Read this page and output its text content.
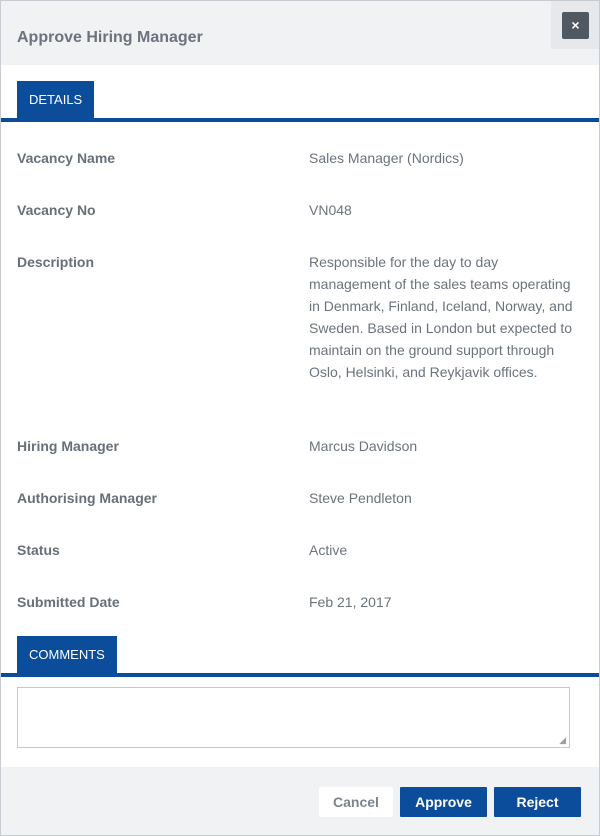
Approve Hiring Manager
×
DETAILS
Vacancy Name	Sales Manager (Nordics)
Vacancy No	VN048
Description	Responsible for the day to day management of the sales teams operating in Denmark, Finland, Iceland, Norway, and Sweden. Based in London but expected to maintain on the ground support through Oslo, Helsinki, and Reykjavik offices.
Hiring Manager	Marcus Davidson
Authorising Manager	Steve Pendleton
Status	Active
Submitted Date	Feb 21, 2017
COMMENTS
◢
Cancel	Approve	Reject
